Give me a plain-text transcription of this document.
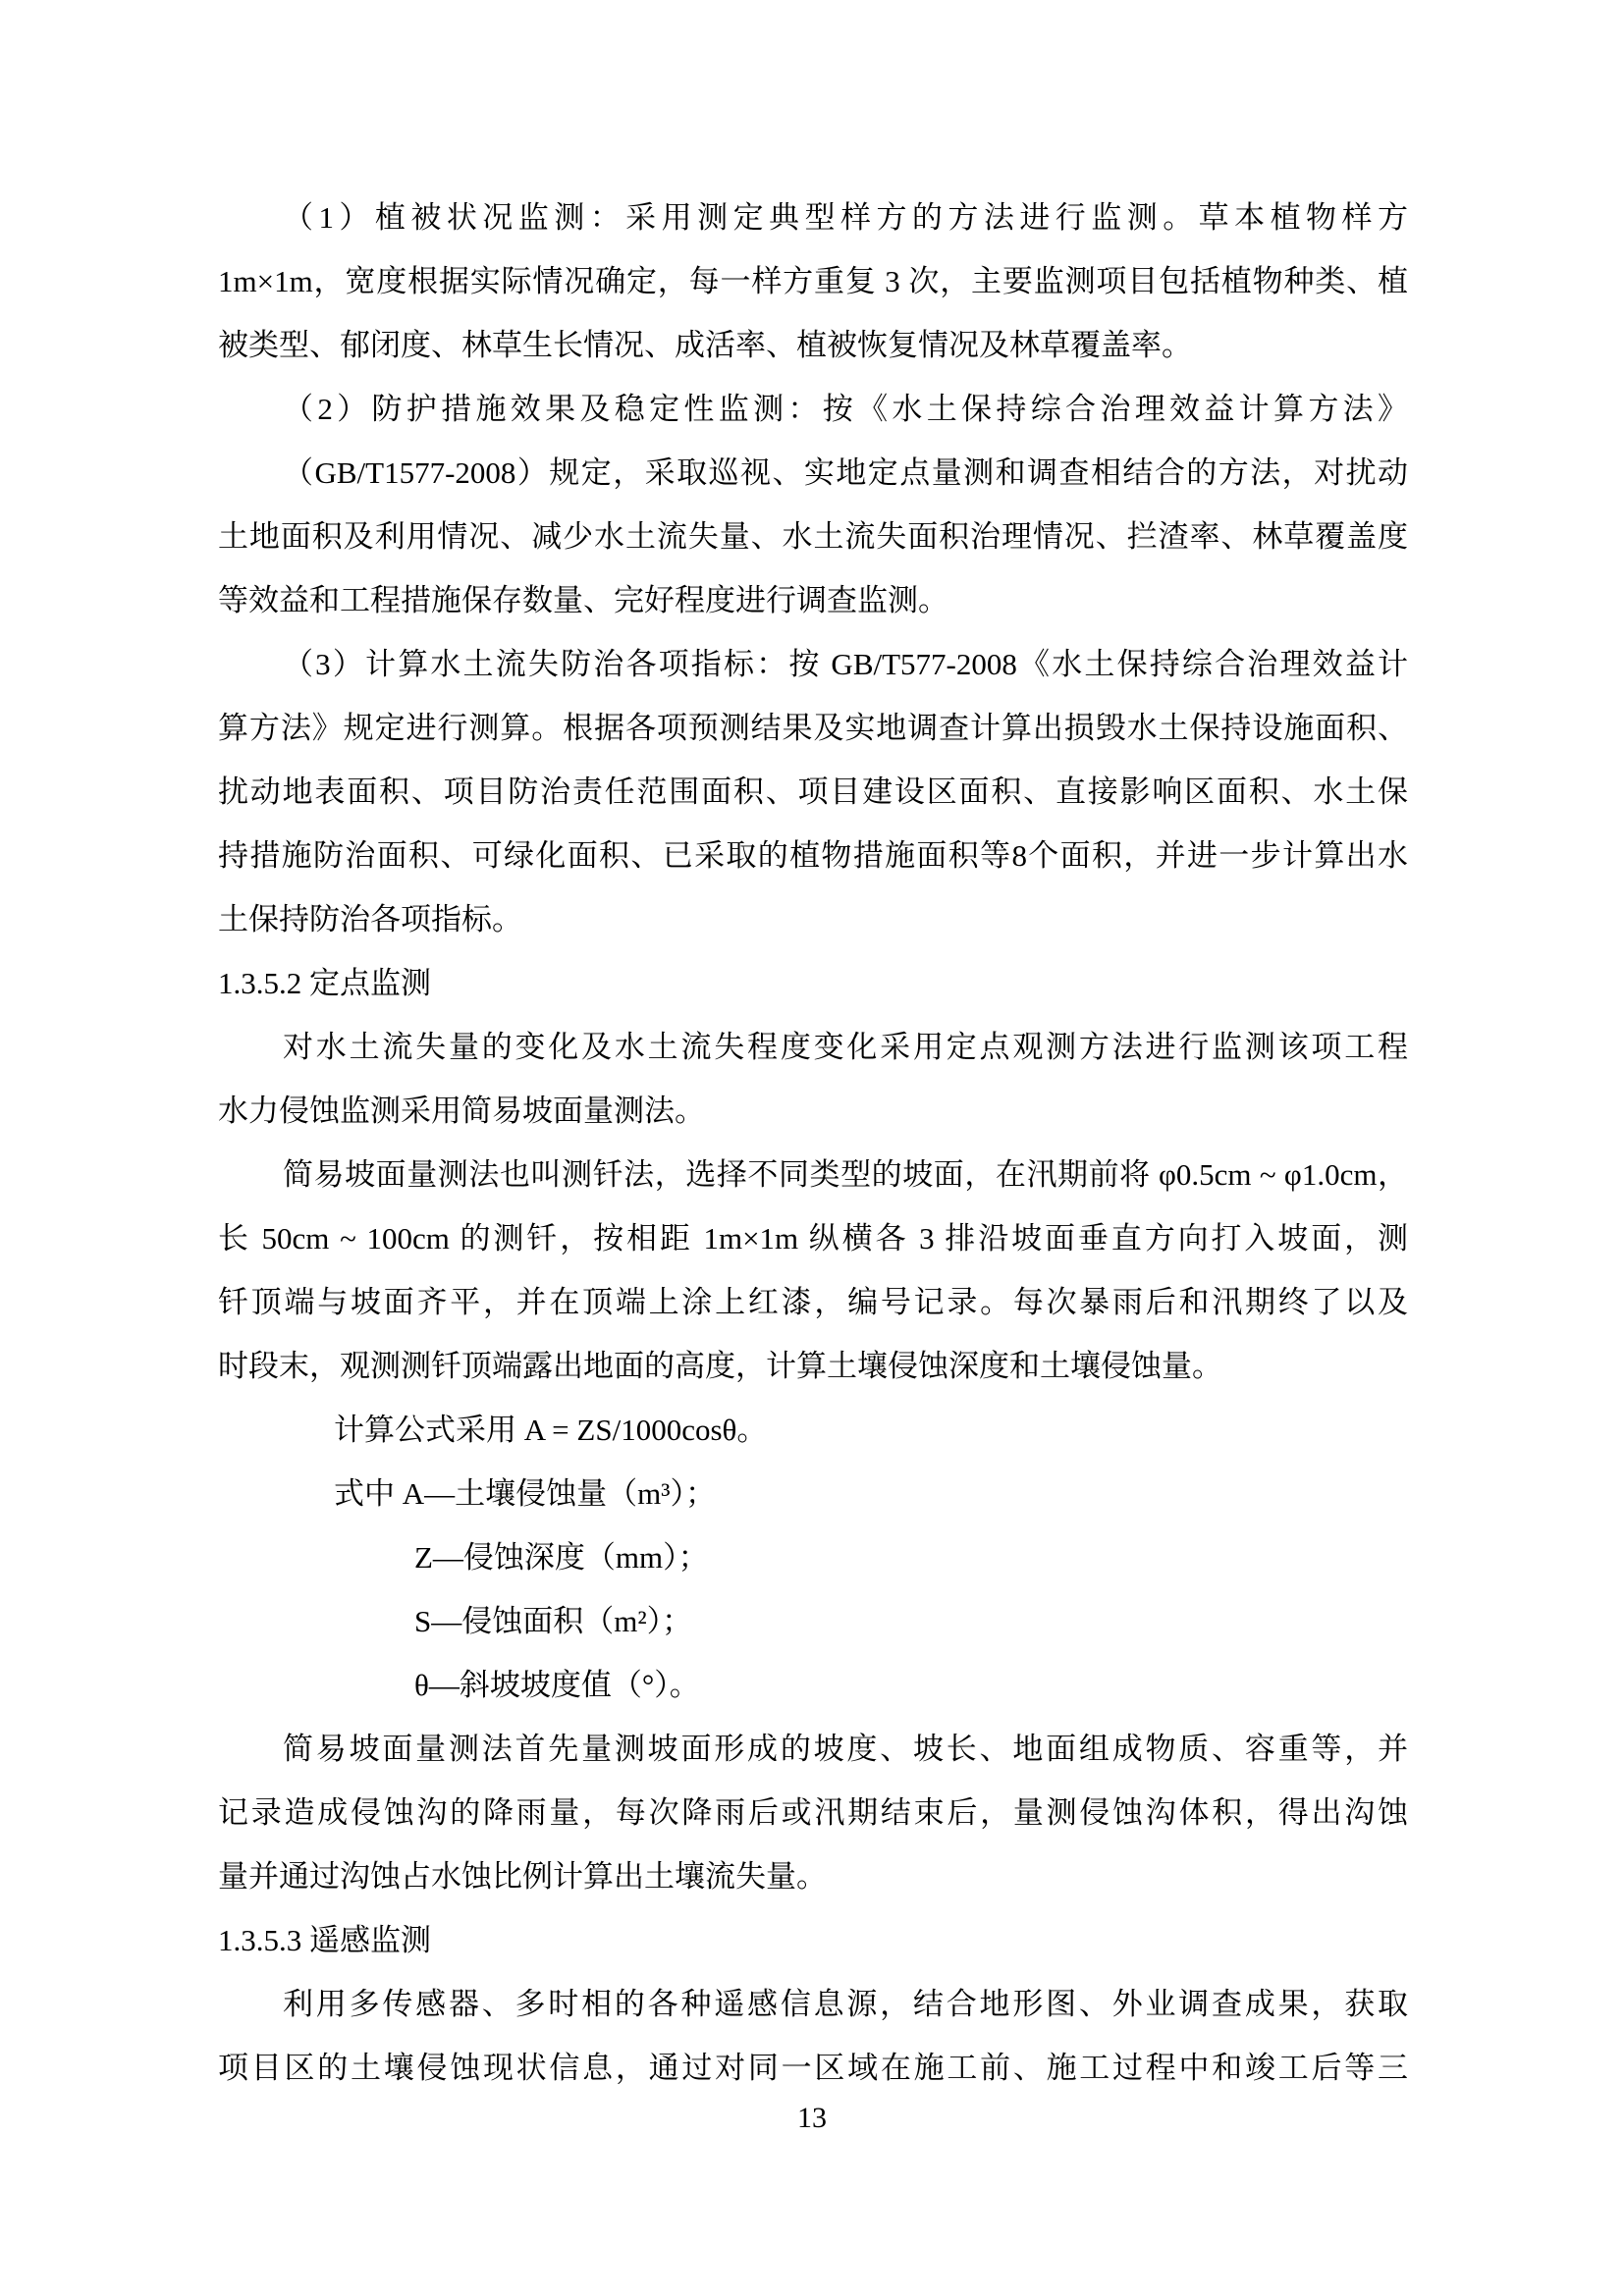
（1）植被状况监测：采用测定典型样方的方法进行监测。草本植物样方
1m×1m，宽度根据实际情况确定，每一样方重复 3 次，主要监测项目包括植物种类、植
被类型、郁闭度、林草生长情况、成活率、植被恢复情况及林草覆盖率。
（2）防护措施效果及稳定性监测：按《水土保持综合治理效益计算方法》
（GB/T1577-2008）规定，采取巡视、实地定点量测和调查相结合的方法，对扰动
土地面积及利用情况、减少水土流失量、水土流失面积治理情况、拦渣率、林草覆盖度
等效益和工程措施保存数量、完好程度进行调查监测。
（3）计算水土流失防治各项指标：按 GB/T577-2008《水土保持综合治理效益计
算方法》规定进行测算。根据各项预测结果及实地调查计算出损毁水土保持设施面积、
扰动地表面积、项目防治责任范围面积、项目建设区面积、直接影响区面积、水土保
持措施防治面积、可绿化面积、已采取的植物措施面积等8个面积，并进一步计算出水
土保持防治各项指标。
1.3.5.2 定点监测
对水土流失量的变化及水土流失程度变化采用定点观测方法进行监测该项工程
水力侵蚀监测采用简易坡面量测法。
简易坡面量测法也叫测钎法，选择不同类型的坡面，在汛期前将 φ0.5cm ~ φ1.0cm，
长 50cm ~ 100cm 的测钎，按相距 1m×1m 纵横各 3 排沿坡面垂直方向打入坡面，测
钎顶端与坡面齐平，并在顶端上涂上红漆，编号记录。每次暴雨后和汛期终了以及
时段末，观测测钎顶端露出地面的高度，计算土壤侵蚀深度和土壤侵蚀量。
计算公式采用 A = ZS/1000cosθ。
式中 A—土壤侵蚀量（m³）；
Z—侵蚀深度（mm）；
S—侵蚀面积（m²）；
θ—斜坡坡度值（°）。
简易坡面量测法首先量测坡面形成的坡度、坡长、地面组成物质、容重等，并
记录造成侵蚀沟的降雨量，每次降雨后或汛期结束后，量测侵蚀沟体积，得出沟蚀
量并通过沟蚀占水蚀比例计算出土壤流失量。
1.3.5.3 遥感监测
利用多传感器、多时相的各种遥感信息源，结合地形图、外业调查成果，获取
项目区的土壤侵蚀现状信息，通过对同一区域在施工前、施工过程中和竣工后等三
13
